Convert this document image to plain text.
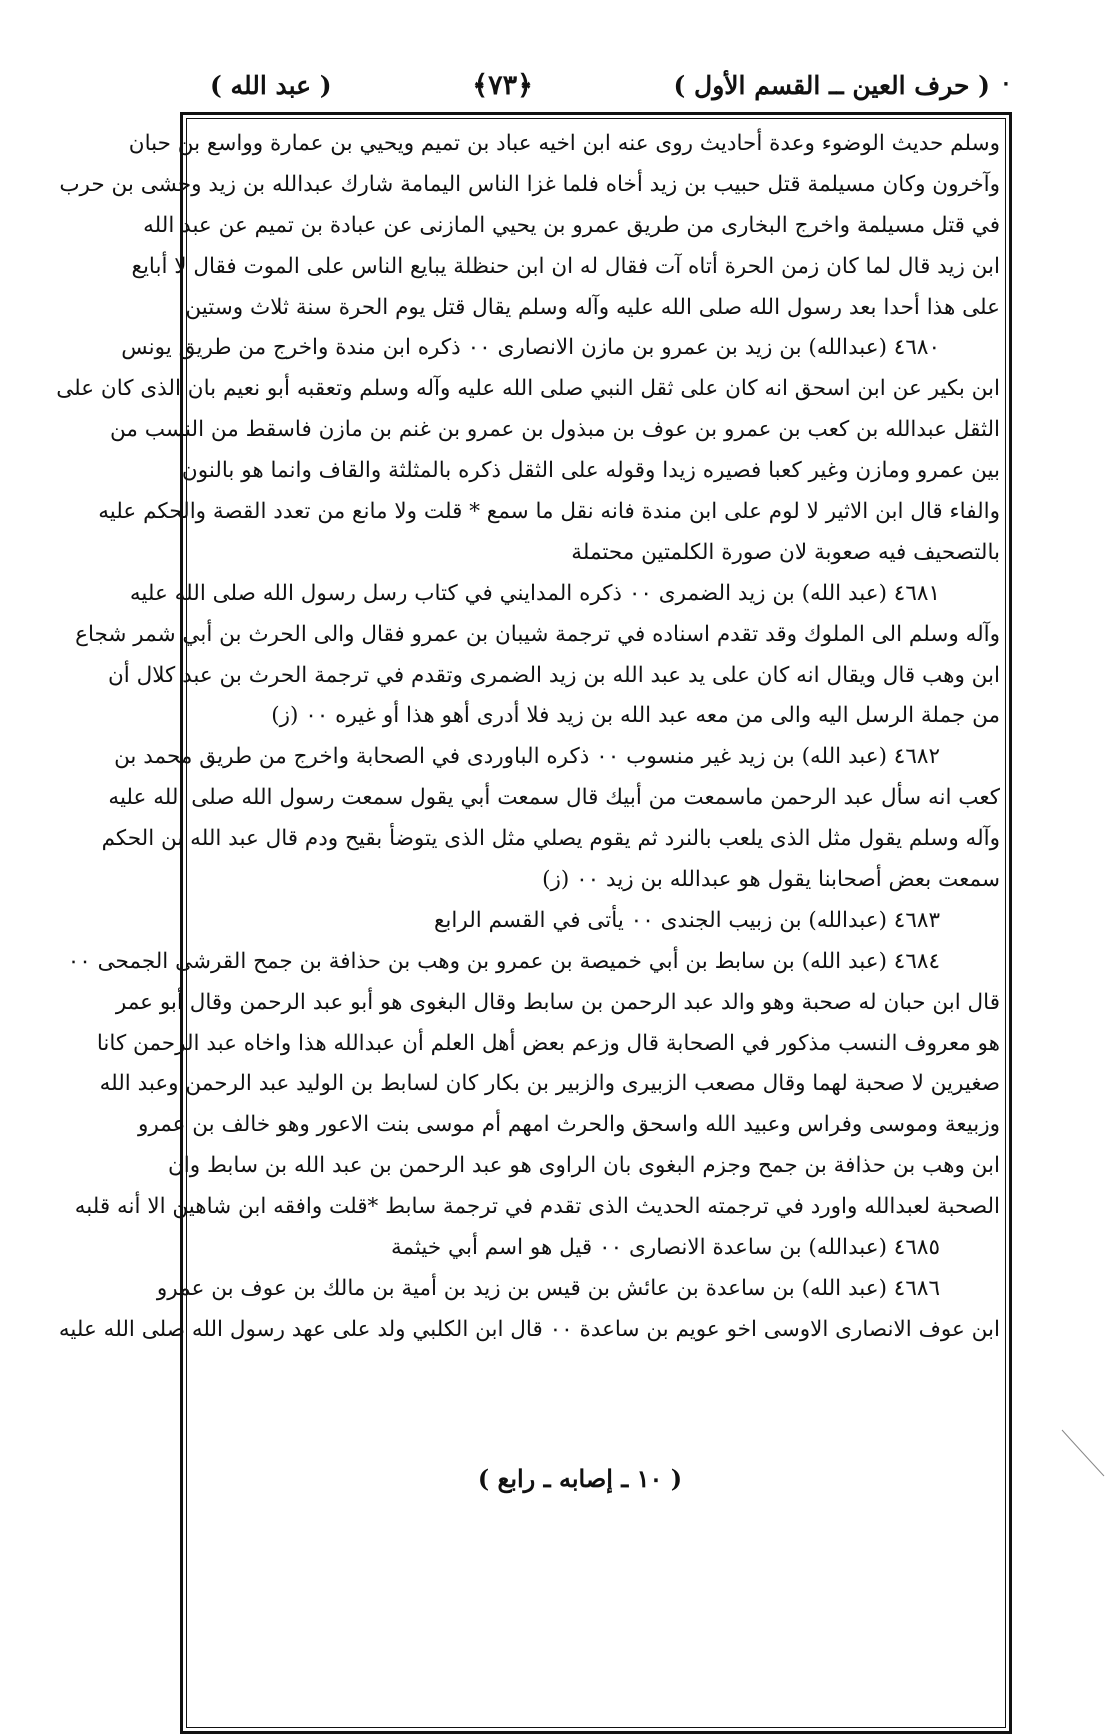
( حرف العين ــ القسم الأول )
﴿٧٣﴾
( عبد الله )	٠
وسلم حديث الوضوء وعدة أحاديث روى عنه ابن اخيه عباد بن تميم ويحيي بن عمارة وواسع بن حبان
وآخرون وكان مسيلمة قتل حبيب بن زيد أخاه فلما غزا الناس اليمامة شارك عبدالله بن زيد وحشى بن حرب
في قتل مسيلمة واخرج البخارى من طريق عمرو بن يحيي المازنى عن عبادة بن تميم عن عبد الله
ابن زيد قال لما كان زمن الحرة أتاه آت فقال له ان ابن حنظلة يبايع الناس على الموت فقال لا أبايع
على هذا أحدا بعد رسول الله صلى الله عليه وآله وسلم يقال قتل يوم الحرة سنة ثلاث وستين
٤٦٨٠ (عبدالله) بن زيد بن عمرو بن مازن الانصارى ٠٠ ذكره ابن مندة واخرج من طريق يونس
ابن بكير عن ابن اسحق انه كان على ثقل النبي صلى الله عليه وآله وسلم وتعقبه أبو نعيم بان الذى كان على
الثقل عبدالله بن كعب بن عمرو بن عوف بن مبذول بن عمرو بن غنم بن مازن فاسقط من النسب من
بين عمرو ومازن وغير كعبا فصيره زيدا وقوله على الثقل ذكره بالمثلثة والقاف وانما هو بالنون
والفاء قال ابن الاثير لا لوم على ابن مندة فانه نقل ما سمع * قلت ولا مانع من تعدد القصة والحكم عليه
بالتصحيف فيه صعوبة لان صورة الكلمتين محتملة
٤٦٨١ (عبد الله) بن زيد الضمرى ٠٠ ذكره المدايني في كتاب رسل رسول الله صلى الله عليه
وآله وسلم الى الملوك وقد تقدم اسناده في ترجمة شيبان بن عمرو فقال والى الحرث بن أبي شمر شجاع
ابن وهب قال ويقال انه كان على يد عبد الله بن زيد الضمرى وتقدم في ترجمة الحرث بن عبد كلال أن
من جملة الرسل اليه والى من معه عبد الله بن زيد فلا أدرى أهو هذا أو غيره ٠٠ (ز)
٤٦٨٢ (عبد الله) بن زيد غير منسوب ٠٠ ذكره الباوردى في الصحابة واخرج من طريق محمد بن
كعب انه سأل عبد الرحمن ماسمعت من أبيك قال سمعت أبي يقول سمعت رسول الله صلى الله عليه
وآله وسلم يقول مثل الذى يلعب بالنرد ثم يقوم يصلي مثل الذى يتوضأ بقيح ودم قال عبد الله بن الحكم
سمعت بعض أصحابنا يقول هو عبدالله بن زيد ٠٠ (ز)
٤٦٨٣ (عبدالله) بن زبيب الجندى ٠٠ يأتى في القسم الرابع
٤٦٨٤ (عبد الله) بن سابط بن أبي خميصة بن عمرو بن وهب بن حذافة بن جمح القرشى الجمحى ٠٠
قال ابن حبان له صحبة وهو والد عبد الرحمن بن سابط وقال البغوى هو أبو عبد الرحمن وقال أبو عمر
هو معروف النسب مذكور في الصحابة قال وزعم بعض أهل العلم أن عبدالله هذا واخاه عبد الرحمن كانا
صغيرين لا صحبة لهما وقال مصعب الزبيرى والزبير بن بكار كان لسابط بن الوليد عبد الرحمن وعبد الله
وزبيعة وموسى وفراس وعبيد الله واسحق والحرث امهم أم موسى بنت الاعور وهو خالف بن عمرو
ابن وهب بن حذافة بن جمح وجزم البغوى بان الراوى هو عبد الرحمن بن عبد الله بن سابط وان
الصحبة لعبدالله واورد في ترجمته الحديث الذى تقدم في ترجمة سابط *قلت وافقه ابن شاهين الا أنه قلبه
٤٦٨٥ (عبدالله) بن ساعدة الانصارى ٠٠ قيل هو اسم أبي خيثمة
٤٦٨٦ (عبد الله) بن ساعدة بن عائش بن قيس بن زيد بن أمية بن مالك بن عوف بن عمرو
ابن عوف الانصارى الاوسى اخو عويم بن ساعدة ٠٠ قال ابن الكلبي ولد على عهد رسول الله صلى الله عليه
( ١٠ ـ إصابه ـ رابع )
